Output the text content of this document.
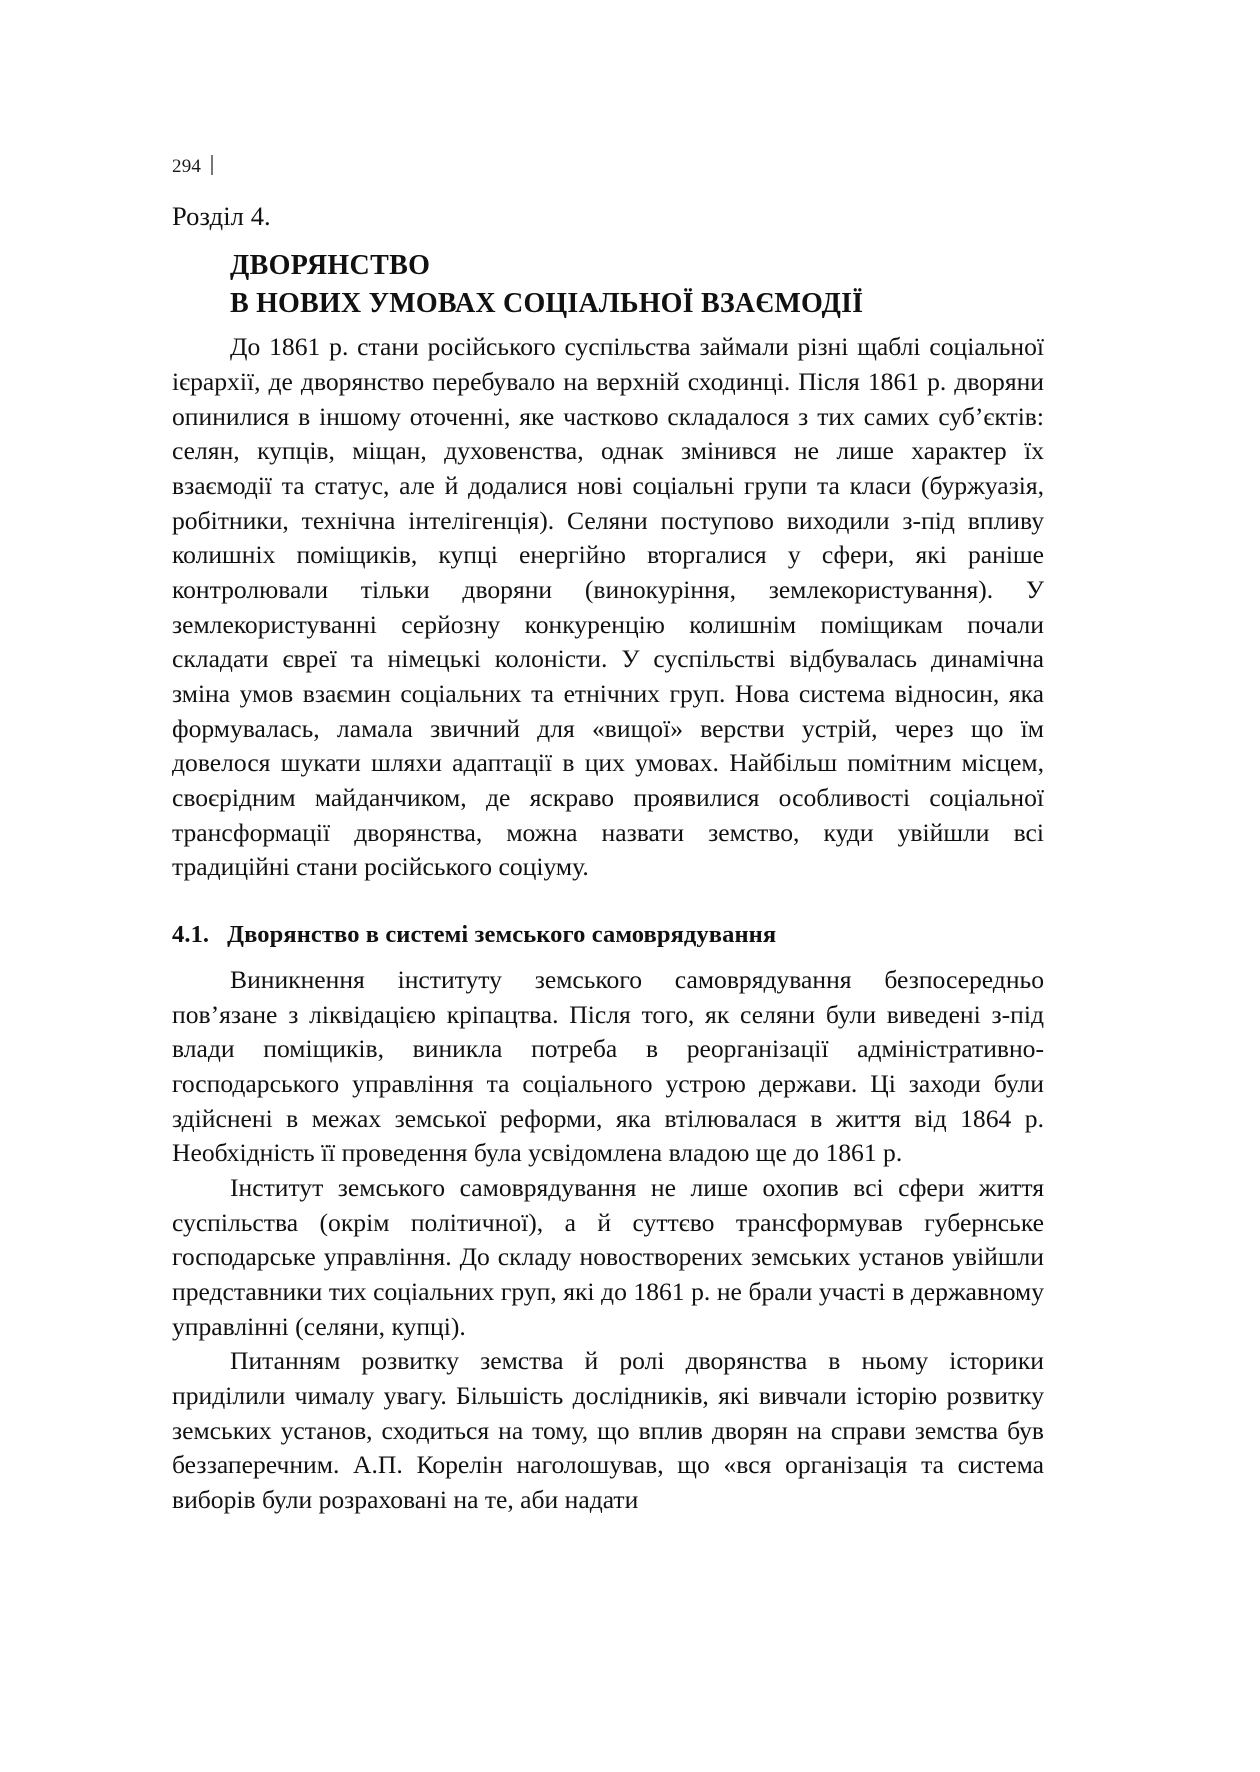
294

Розділ 4.

ДВОРЯНСТВО
В НОВИХ УМОВАХ СОЦІАЛЬНОЇ ВЗАЄМОДІЇ

До 1861 р. стани російського суспільства займали різні щаблі соціальної ієрархії, де дворянство перебувало на верхній сходинці. Після 1861 р. дворяни опинилися в іншому оточенні, яке частково складалося з тих самих суб’єктів: селян, купців, міщан, духовенства, однак змінився не лише характер їх взаємодії та статус, але й додалися нові соціальні групи та класи (буржуазія, робітники, технічна інтелігенція). Селяни поступово виходили з-під впливу колишніх поміщиків, купці енергійно вторгалися у сфери, які раніше контролювали тільки дворяни (винокуріння, землекористування). У землекористуванні серйозну конкуренцію колишнім поміщикам почали складати євреї та німецькі колоністи. У суспільстві відбувалась динамічна зміна умов взаємин соціальних та етнічних груп. Нова система відносин, яка формувалась, ламала звичний для «вищої» верстви устрій, через що їм довелося шукати шляхи адаптації в цих умовах. Найбільш помітним місцем, своєрідним майданчиком, де яскраво проявилися особливості соціальної трансформації дворянства, можна назвати земство, куди увійшли всі традиційні стани російського соціуму.

4.1. Дворянство в системі земського самоврядування

Виникнення інституту земського самоврядування безпосередньо пов’язане з ліквідацією кріпацтва. Після того, як селяни були виведені з-під влади поміщиків, виникла потреба в реорганізації адміністративно-господарського управління та соціального устрою держави. Ці заходи були здійснені в межах земської реформи, яка втілювалася в життя від 1864 р. Необхідність її проведення була усвідомлена владою ще до 1861 р.

Інститут земського самоврядування не лише охопив всі сфери життя суспільства (окрім політичної), а й суттєво трансформував губернське господарське управління. До складу новостворених земських установ увійшли представники тих соціальних груп, які до 1861 р. не брали участі в державному управлінні (селяни, купці).

Питанням розвитку земства й ролі дворянства в ньому історики приділили чималу увагу. Більшість дослідників, які вивчали історію розвитку земських установ, сходиться на тому, що вплив дворян на справи земства був беззаперечним. А.П. Корелін наголошував, що «вся організація та система виборів були розраховані на те, аби надати
